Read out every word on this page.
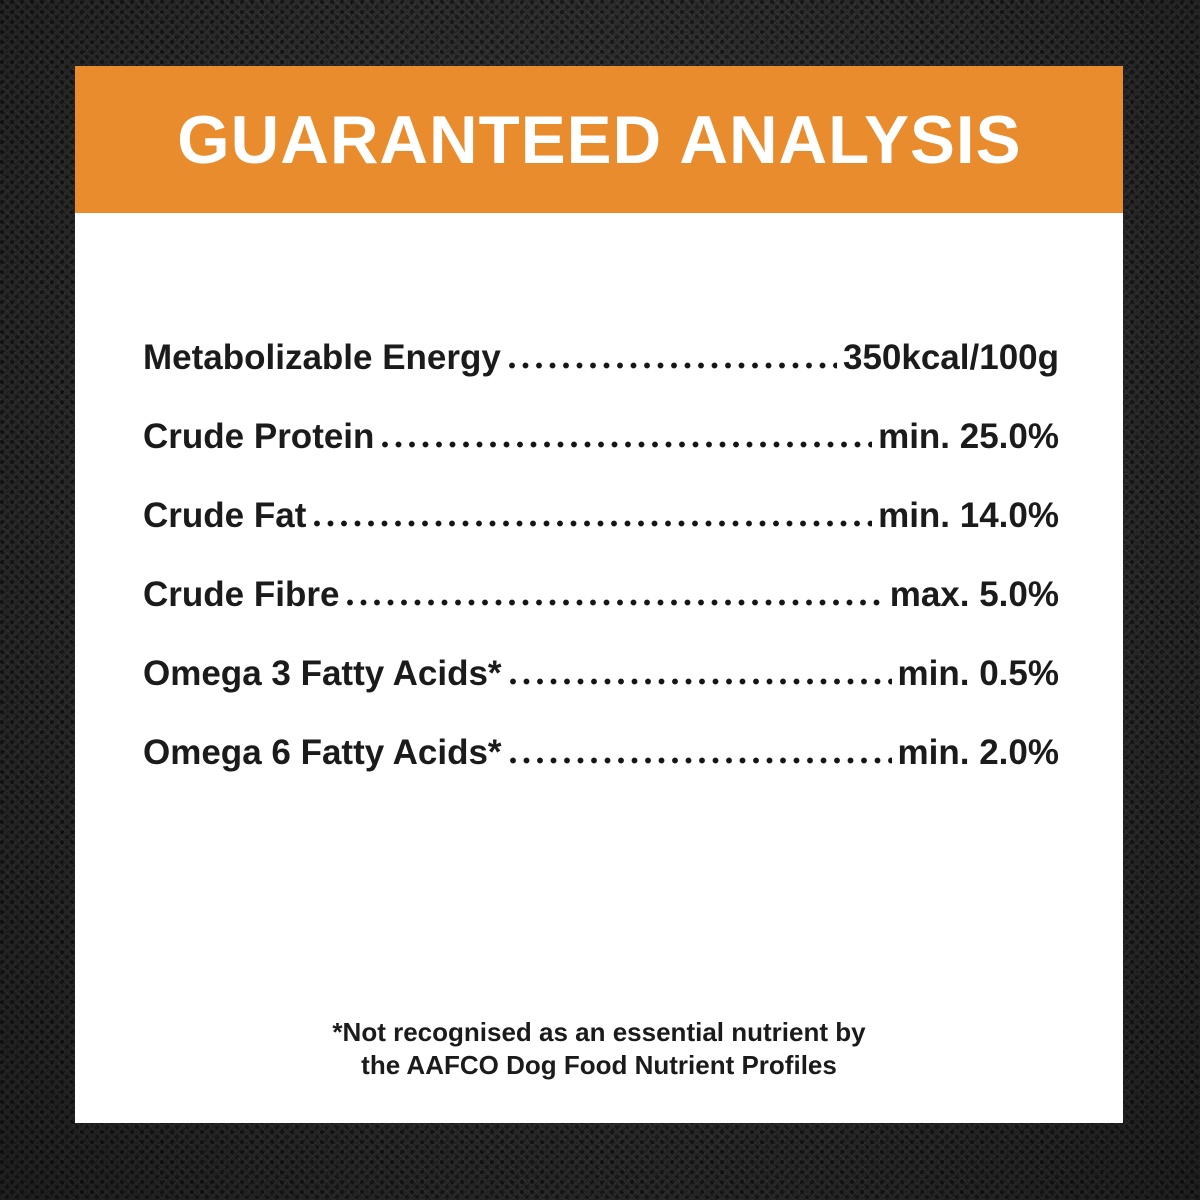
GUARANTEED ANALYSIS
Metabolizable Energy	350kcal/100g
Crude Protein	min. 25.0%
Crude Fat	min. 14.0%
Crude Fibre	max. 5.0%
Omega 3 Fatty Acids*	min. 0.5%
Omega 6 Fatty Acids*	min. 2.0%
*Not recognised as an essential nutrient by
the AAFCO Dog Food Nutrient Profiles
